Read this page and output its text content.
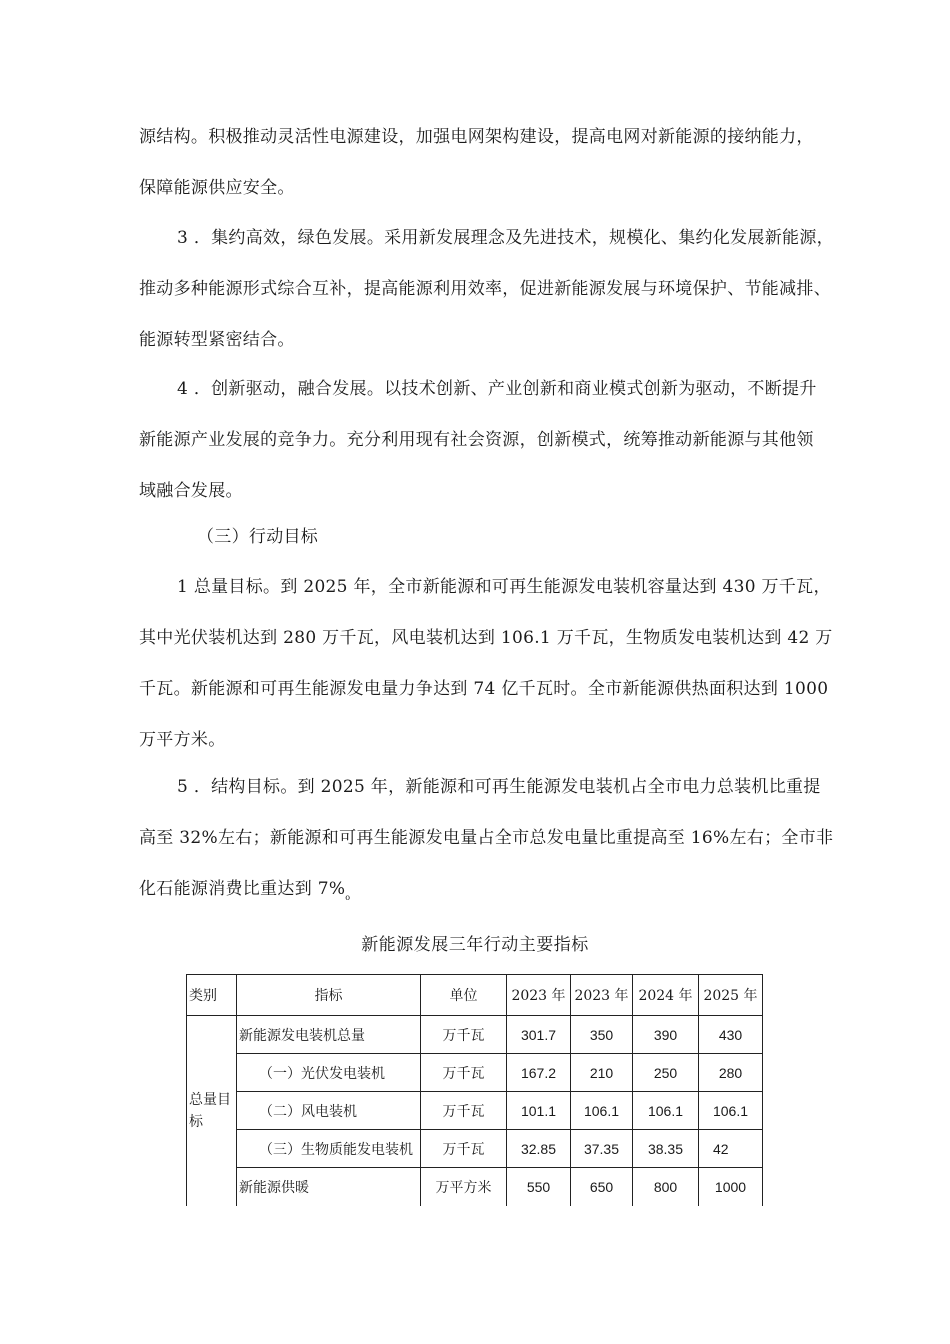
源结构。积极推动灵活性电源建设，加强电网架构建设，提高电网对新能源的接纳能力，
保障能源供应安全。
3 ．集约高效，绿色发展。采用新发展理念及先进技术，规模化、集约化发展新能源，
推动多种能源形式综合互补，提高能源利用效率，促进新能源发展与环境保护、节能减排、
能源转型紧密结合。
4 ．创新驱动，融合发展。以技术创新、产业创新和商业模式创新为驱动，不断提升
新能源产业发展的竞争力。充分利用现有社会资源，创新模式，统筹推动新能源与其他领
域融合发展。
（三）行动目标
1 总量目标。到 2025 年，全市新能源和可再生能源发电装机容量达到 430 万千瓦，
其中光伏装机达到 280 万千瓦，风电装机达到 106.1 万千瓦，生物质发电装机达到 42 万
千瓦。新能源和可再生能源发电量力争达到 74 亿千瓦时。全市新能源供热面积达到 1000
万平方米。
5 ．结构目标。到 2025 年，新能源和可再生能源发电装机占全市电力总装机比重提
高至 32%左右；新能源和可再生能源发电量占全市总发电量比重提高至 16%左右；全市非
化石能源消费比重达到 $7\%_o$
新能源发展三年行动主要指标
类别	指标	单位	2023 年	2023 年	2024 年	2025 年
总量目标	新能源发电装机总量	万千瓦	301.7	350	390	430
	（一）光伏发电装机	万千瓦	167.2	210	250	280
	（二）风电装机	万千瓦	101.1	106.1	106.1	106.1
	（三）生物质能发电装机	万千瓦	32.85	37.35	38.35	42
	新能源供暖	万平方米	550	650	800	1000
